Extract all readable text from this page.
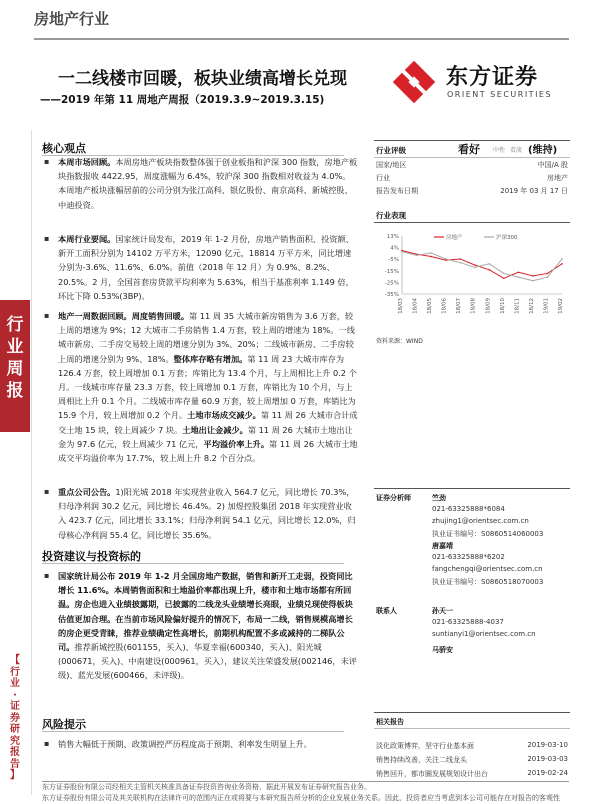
房地产行业
一二线楼市回暖，板块业绩高增长兑现
——2019 年第 11 周地产周报（2019.3.9~2019.3.15)
东方证券
ORIENT SECURITIES
行
业
周
报
【
行
业
·
证
券
研
究
报
告
】
核心观点
▪ 本周市场回顾。本周房地产板块指数整体强于创业板指和沪深 300 指数，房地产板块指数报收 4422.95，周度涨幅为 6.4%，较沪深 300 指数相对收益为 4.0%。本周地产板块涨幅居前的公司分别为张江高科、银亿股份、南京高科、新城控股、中迪投资。
▪ 本周行业要闻。国家统计局发布，2019 年 1-2 月份，房地产销售面积、投资额、新开工面积分别为 14102 万平方米，12090 亿元，18814 万平方米，同比增速分别为-3.6%、11.6%、6.0%。前值（2018 年 12 月）为 0.9%、8.2%、20.5%。2 月，全国首套房贷款平均利率为 5.63%，相当于基准利率 1.149 倍，环比下降 0.53%(3BP)。
▪ 地产一周数据回顾。周度销售回暖。第 11 周 35 大城市新房销售为 3.6 万套，较上周的增速为 9%；12 大城市二手房销售 1.4 万套，较上周的增速为 18%。一线城市新房、二手房交易较上周的增速分别为 3%、20%；二线城市新房、二手房较上周的增速分别为 9%、18%。整体库存略有增加。第 11 周 23 大城市库存为 126.4 万套，较上周增加 0.1 万套；库销比为 13.4 个月，与上周相比上升 0.2 个月。一线城市库存量 23.3 万套，较上周增加 0.1 万套，库销比为 10 个月，与上周相比上升 0.1 个月。二线城市库存量 60.9 万套，较上周增加 0 万套，库销比为 15.9 个月，较上周增加 0.2 个月。土地市场成交减少。第 11 周 26 大城市合计成交土地 15 块，较上周减少 7 块。土地出让金减少。第 11 周 26 大城市土地出让金为 97.6 亿元，较上周减少 71 亿元，平均溢价率上升。第 11 周 26 大城市土地成交平均溢价率为 17.7%，较上周上升 8.2 个百分点。
▪ 重点公司公告。1)阳光城 2018 年实现营业收入 564.7 亿元，同比增长 70.3%，归母净利润 30.2 亿元，同比增长 46.4%。2) 加煜控股集团 2018 年实现营业收入 423.7 亿元，同比增长 33.1%；归母净利润 54.1 亿元，同比增长 12.0%，归母核心净利润 55.4 亿，同比增长 35.6%。
投资建议与投资标的
▪ 国家统计局公布 2019 年 1-2 月全国房地产数据，销售和新开工走弱，投资同比增长 11.6%。本周销售面积和土地溢价率都出现上升，楼市和土地市场都有所回温。房企也进入业绩披露期，已披露的二线龙头业绩增长亮眼，业绩兑现使得板块估值更加合理。在当前市场风险偏好提升的情况下，布局一二线，销售规模高增长的房企更受青睐，推荐业绩确定性高增长，前期机构配置不多或减持的二梯队公司。推荐新城控股(601155，买入)、华夏幸福(600340，买入)、阳光城(000671，买入)、中南建设(000961，买入），建议关注荣盛发展(002146，未评级)、蓝光发展(600466，未评级)。
风险提示
▪ 销售大幅低于预期、政策调控严历程度高于预期、利率发生明显上升。
行业评级	看好 中性 看淡 (维持)
国家/地区	中国/A 股
行业	房地产
报告发布日期	2019 年 03 月 17 日
行业表现
13%
4%
-5%
-15%
-25%
-35%
18/03 18/04 18/05 18/06 18/07 18/08 18/09 18/10 18/11 18/12 19/01 19/02
房地产	沪深300
资料来源：WIND
证券分析师	竺劲
021-63325888*6084
zhujing1@orientsec.com.cn
执业证书编号：S0860514060003
唐嘉靖
021-63325888*6202
fangchengqi@orientsec.com.cn
执业证书编号：S0860518070003
联系人	孙天一
021-63325888-4037
suntianyi1@orientsec.com.cn
马骄安
相关报告
淡化政策博弈，坚守行业基本面	2019-03-10
销售持续改善，关注二线龙头	2019-03-03
销售回升，都市圈发展规划设计出台	2019-02-24
东方证券股份有限公司经相关主管机关核准具备证券投资咨询业务资格，据此开展发布证券研究报告业务。
东方证券股份有限公司及其关联机构在法律许可的范围内正在或将要与本研究报告所分析的企业发展业务关系。因此，投资者应当考虑到本公司可能存在对报告的客观性
